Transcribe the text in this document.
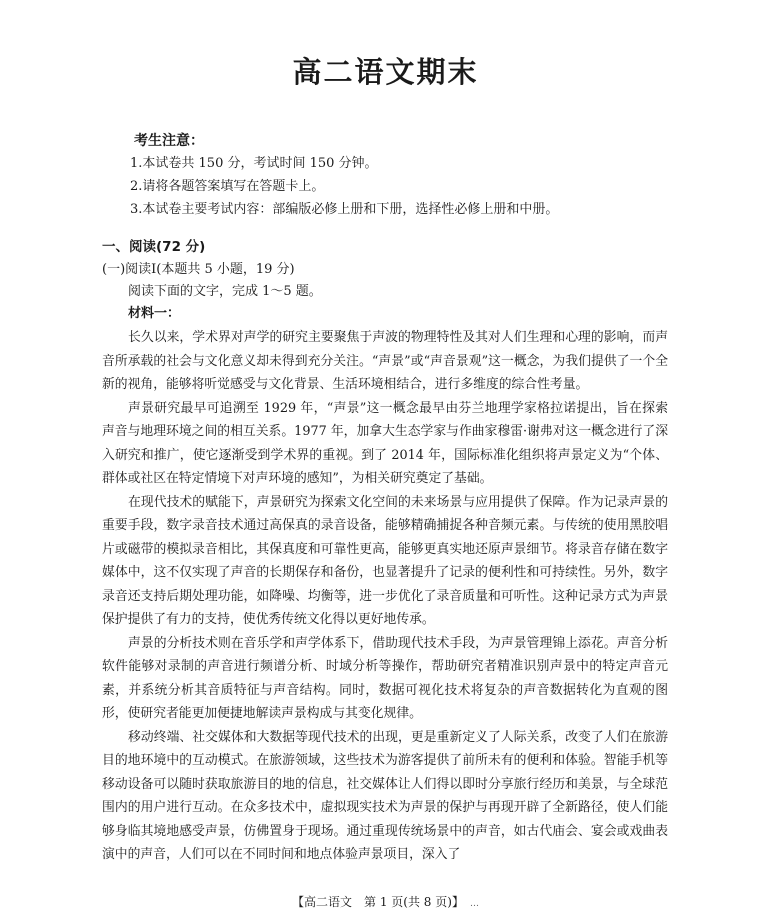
高二语文期末
考生注意：
1.本试卷共 150 分，考试时间 150 分钟。
2.请将各题答案填写在答题卡上。
3.本试卷主要考试内容：部编版必修上册和下册，选择性必修上册和中册。
一、阅读(72 分)
(一)阅读Ⅰ(本题共 5 小题，19 分)
阅读下面的文字，完成 1～5 题。
材料一：

长久以来，学术界对声学的研究主要聚焦于声波的物理特性及其对人们生理和心理的影响，而声音所承载的社会与文化意义却未得到充分关注。“声景”或“声音景观”这一概念，为我们提供了一个全新的视角，能够将听觉感受与文化背景、生活环境相结合，进行多维度的综合性考量。

声景研究最早可追溯至 1929 年，“声景”这一概念最早由芬兰地理学家格拉诺提出，旨在探索声音与地理环境之间的相互关系。1977 年，加拿大生态学家与作曲家穆雷·谢弗对这一概念进行了深入研究和推广，使它逐渐受到学术界的重视。到了 2014 年，国际标准化组织将声景定义为“个体、群体或社区在特定情境下对声环境的感知”，为相关研究奠定了基础。

在现代技术的赋能下，声景研究为探索文化空间的未来场景与应用提供了保障。作为记录声景的重要手段，数字录音技术通过高保真的录音设备，能够精确捕捉各种音频元素。与传统的使用黑胶唱片或磁带的模拟录音相比，其保真度和可靠性更高，能够更真实地还原声景细节。将录音存储在数字媒体中，这不仅实现了声音的长期保存和备份，也显著提升了记录的便利性和可持续性。另外，数字录音还支持后期处理功能，如降噪、均衡等，进一步优化了录音质量和可听性。这种记录方式为声景保护提供了有力的支持，使优秀传统文化得以更好地传承。

声景的分析技术则在音乐学和声学体系下，借助现代技术手段，为声景管理锦上添花。声音分析软件能够对录制的声音进行频谱分析、时域分析等操作，帮助研究者精准识别声景中的特定声音元素，并系统分析其音质特征与声音结构。同时，数据可视化技术将复杂的声音数据转化为直观的图形，使研究者能更加便捷地解读声景构成与其变化规律。

移动终端、社交媒体和大数据等现代技术的出现，更是重新定义了人际关系，改变了人们在旅游目的地环境中的互动模式。在旅游领域，这些技术为游客提供了前所未有的便利和体验。智能手机等移动设备可以随时获取旅游目的地的信息，社交媒体让人们得以即时分享旅行经历和美景，与全球范围内的用户进行互动。在众多技术中，虚拟现实技术为声景的保护与再现开辟了全新路径，使人们能够身临其境地感受声景，仿佛置身于现场。通过重现传统场景中的声音，如古代庙会、宴会或戏曲表演中的声音，人们可以在不同时间和地点体验声景项目，深入了

【高二语文　第 1 页(共 8 页)】 …
